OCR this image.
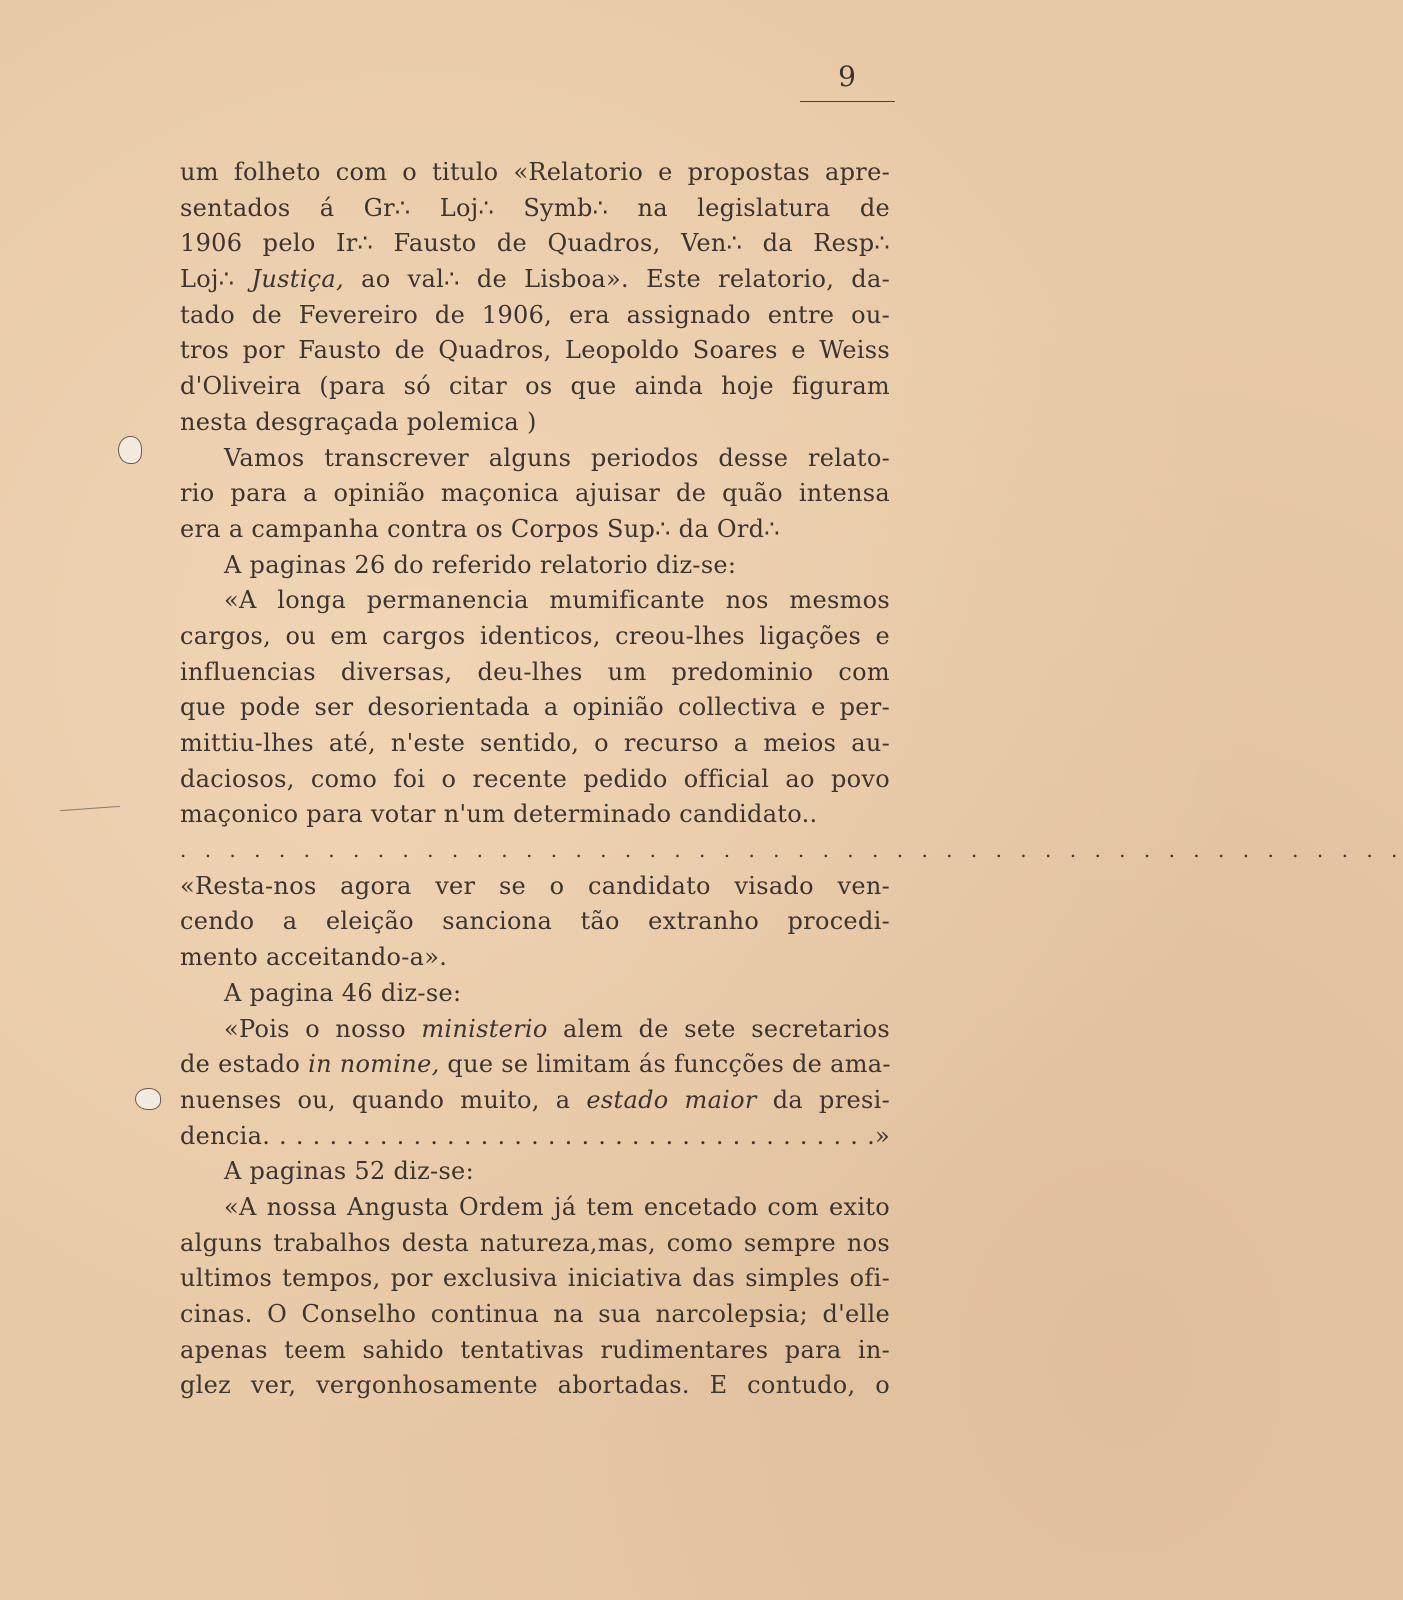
9
um folheto com o titulo «Relatorio e propostas apre-
sentados á Gr∴ Loj∴ Symb∴ na legislatura de
1906 pelo Ir∴ Fausto de Quadros, Ven∴ da Resp∴
Loj∴ Justiça, ao val∴ de Lisboa». Este relatorio, da-
tado de Fevereiro de 1906, era assignado entre ou-
tros por Fausto de Quadros, Leopoldo Soares e Weiss
d'Oliveira (para só citar os que ainda hoje figuram
nesta desgraçada polemica )
Vamos transcrever alguns periodos desse relato-
rio para a opinião maçonica ajuisar de quão intensa
era a campanha contra os Corpos Sup∴ da Ord∴
A paginas 26 do referido relatorio diz-se:
«A longa permanencia mumificante nos mesmos
cargos, ou em cargos identicos, creou-lhes ligações e
influencias diversas, deu-lhes um predominio com
que pode ser desorientada a opinião collectiva e per-
mittiu-lhes até, n'este sentido, o recurso a meios au-
daciosos, como foi o recente pedido official ao povo
maçonico para votar n'um determinado candidato..
. . . . . . . . . . . . . . . . . . . . . . . . . . . . . . . . . . . . . . . . . . . . . . . . . .
«Resta-nos agora ver se o candidato visado ven-
cendo a eleição sanciona tão extranho procedi-
mento acceitando-a».
A pagina 46 diz-se:
«Pois o nosso ministerio alem de sete secretarios
de estado in nomine, que se limitam ás funcções de ama-
nuenses ou, quando muito, a estado maior da presi-
dencia. . . . . . . . . . . . . . . . . . . . . . . . . . . . . . . . . . . . .»
A paginas 52 diz-se:
«A nossa Angusta Ordem já tem encetado com exito
alguns trabalhos desta natureza,mas, como sempre nos
ultimos tempos, por exclusiva iniciativa das simples ofi-
cinas. O Conselho continua na sua narcolepsia; d'elle
apenas teem sahido tentativas rudimentares para in-
glez ver, vergonhosamente abortadas. E contudo, o
